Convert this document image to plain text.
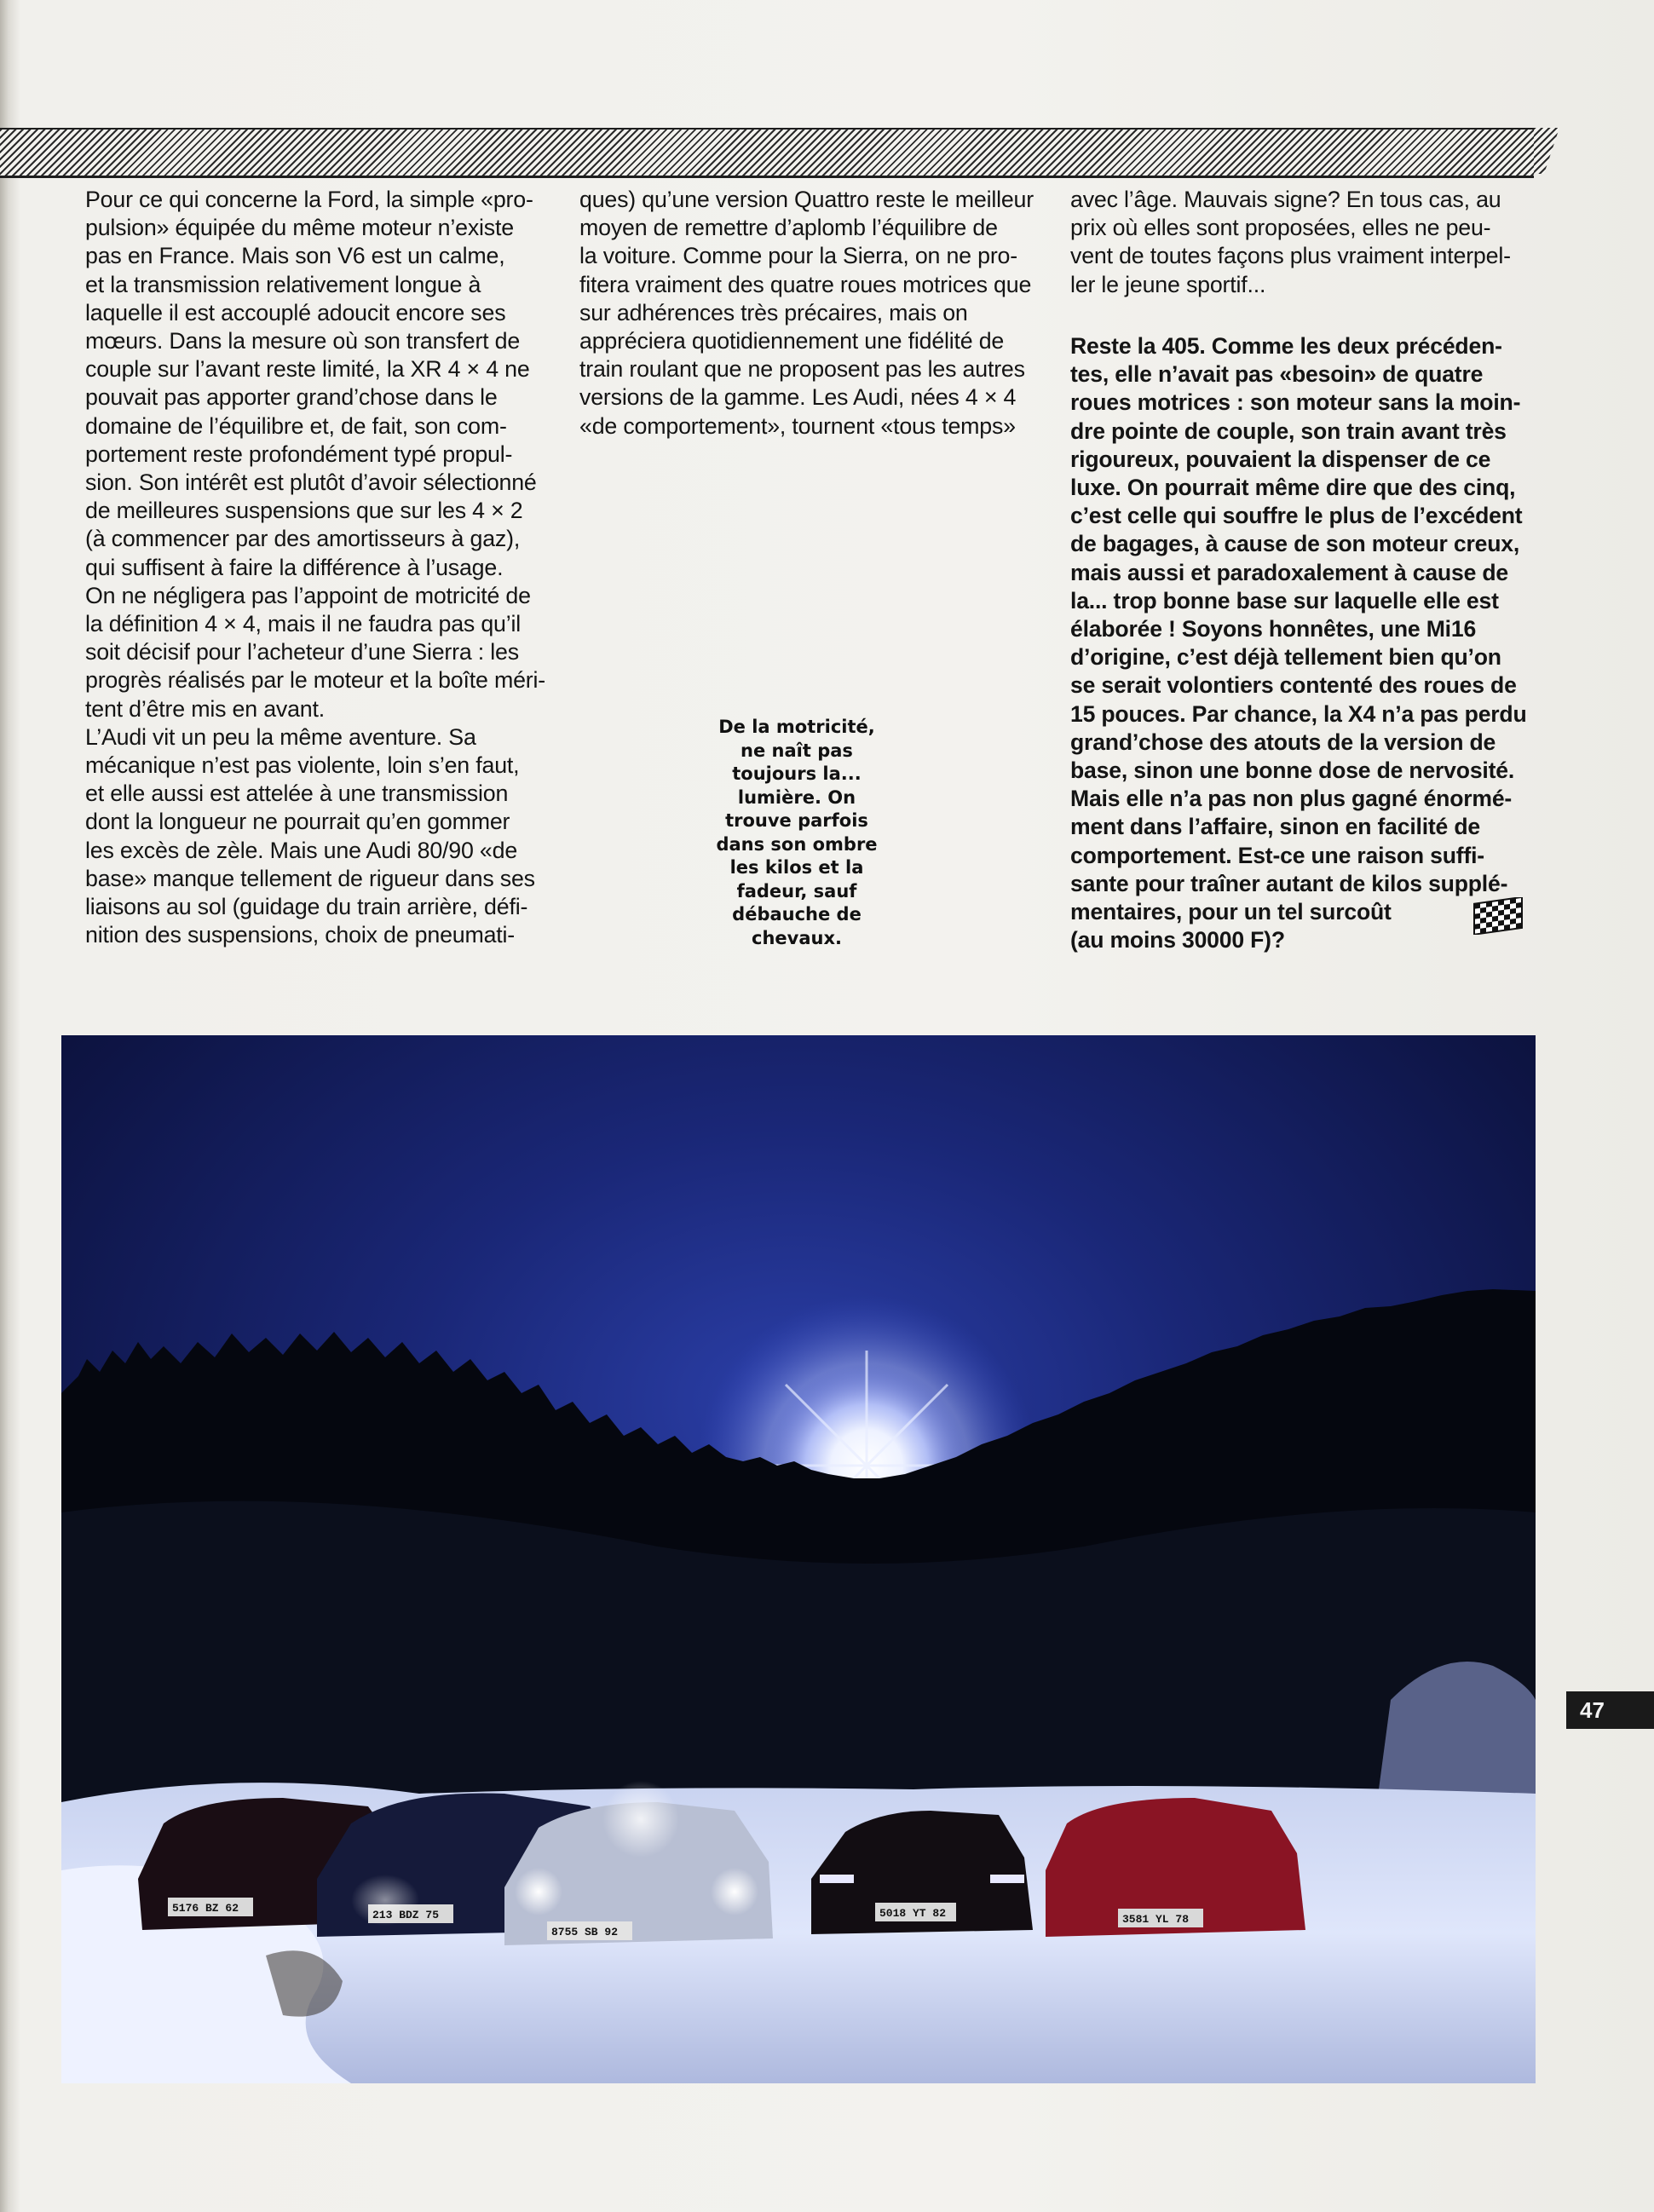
Pour ce qui concerne la Ford, la simple «pro-
pulsion» équipée du même moteur n’existe
pas en France. Mais son V6 est un calme,
et la transmission relativement longue à
laquelle il est accouplé adoucit encore ses
mœurs. Dans la mesure où son transfert de
couple sur l’avant reste limité, la XR 4 × 4 ne
pouvait pas apporter grand’chose dans le
domaine de l’équilibre et, de fait, son com-
portement reste profondément typé propul-
sion. Son intérêt est plutôt d’avoir sélectionné
de meilleures suspensions que sur les 4 × 2
(à commencer par des amortisseurs à gaz),
qui suffisent à faire la différence à l’usage.
On ne négligera pas l’appoint de motricité de
la définition 4 × 4, mais il ne faudra pas qu’il
soit décisif pour l’acheteur d’une Sierra : les
progrès réalisés par le moteur et la boîte méri-
tent d’être mis en avant.
L’Audi vit un peu la même aventure. Sa
mécanique n’est pas violente, loin s’en faut,
et elle aussi est attelée à une transmission
dont la longueur ne pourrait qu’en gommer
les excès de zèle. Mais une Audi 80/90 «de
base» manque tellement de rigueur dans ses
liaisons au sol (guidage du train arrière, défi-
nition des suspensions, choix de pneumati-
ques) qu’une version Quattro reste le meilleur
moyen de remettre d’aplomb l’équilibre de
la voiture. Comme pour la Sierra, on ne pro-
fitera vraiment des quatre roues motrices que
sur adhérences très précaires, mais on
appréciera quotidiennement une fidélité de
train roulant que ne proposent pas les autres
versions de la gamme. Les Audi, nées 4 × 4
«de comportement», tournent «tous temps»
avec l’âge. Mauvais signe? En tous cas, au
prix où elles sont proposées, elles ne peu-
vent de toutes façons plus vraiment interpel-
ler le jeune sportif...
Reste la 405. Comme les deux précéden-
tes, elle n’avait pas «besoin» de quatre
roues motrices : son moteur sans la moin-
dre pointe de couple, son train avant très
rigoureux, pouvaient la dispenser de ce
luxe. On pourrait même dire que des cinq,
c’est celle qui souffre le plus de l’excédent
de bagages, à cause de son moteur creux,
mais aussi et paradoxalement à cause de
la... trop bonne base sur laquelle elle est
élaborée ! Soyons honnêtes, une Mi16
d’origine, c’est déjà tellement bien qu’on
se serait volontiers contenté des roues de
15 pouces. Par chance, la X4 n’a pas perdu
grand’chose des atouts de la version de
base, sinon une bonne dose de nervosité.
Mais elle n’a pas non plus gagné énormé-
ment dans l’affaire, sinon en facilité de
comportement. Est-ce une raison suffi-
sante pour traîner autant de kilos supplé-
mentaires, pour un tel surcoût
(au moins 30000 F)?
De la motricité,
ne naît pas
toujours la...
lumière. On
trouve parfois
dans son ombre
les kilos et la
fadeur, sauf
débauche de
chevaux.
5176 BZ 62
213 BDZ 75
8755 SB 92
5018 YT 82	3581 YL 78
47
